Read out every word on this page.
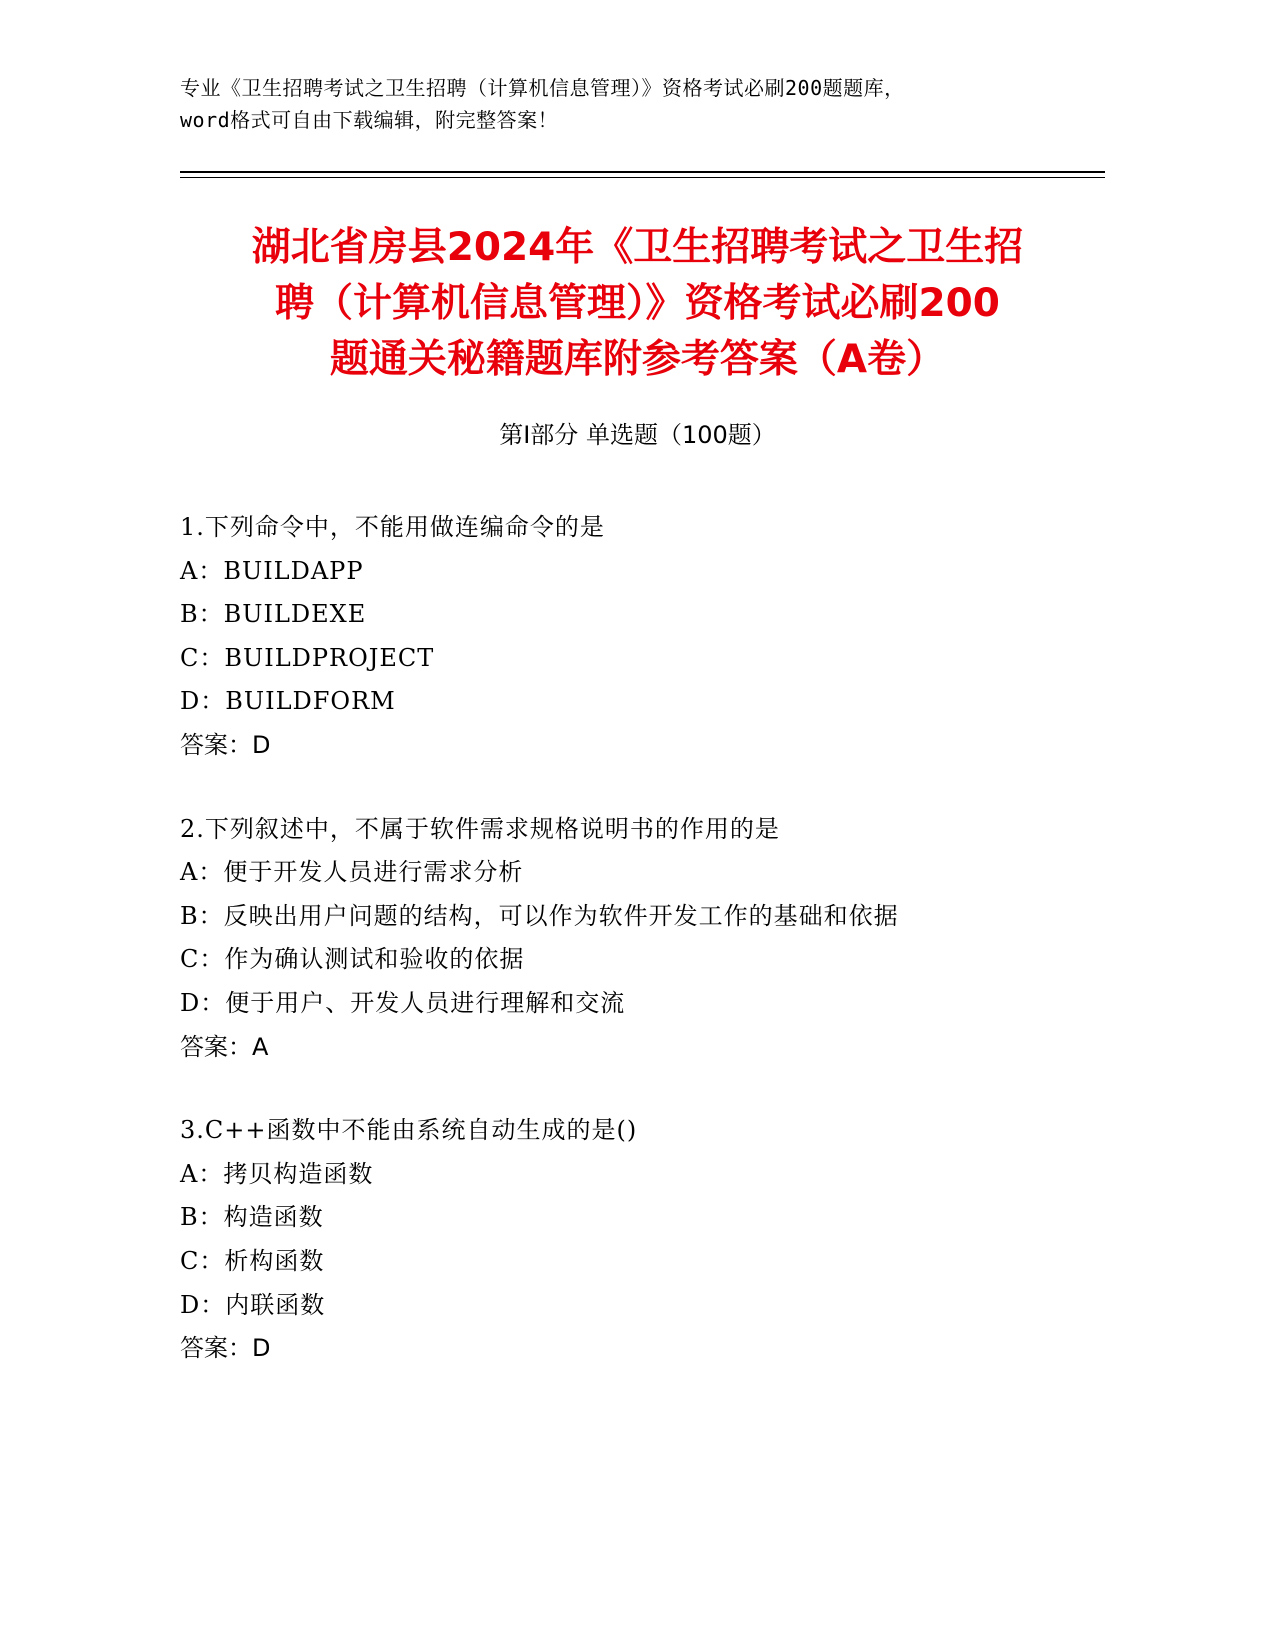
专业《卫生招聘考试之卫生招聘（计算机信息管理）》资格考试必刷200题题库，
word格式可自由下载编辑，附完整答案！
湖北省房县2024年《卫生招聘考试之卫生招
聘（计算机信息管理）》资格考试必刷200
题通关秘籍题库附参考答案（A卷）
第Ⅰ部分 单选题（100题）
1.下列命令中，不能用做连编命令的是
A：BUILDAPP
B：BUILDEXE
C：BUILDPROJECT
D：BUILDFORM
答案：D
2.下列叙述中，不属于软件需求规格说明书的作用的是
A：便于开发人员进行需求分析
B：反映出用户问题的结构，可以作为软件开发工作的基础和依据
C：作为确认测试和验收的依据
D：便于用户、开发人员进行理解和交流
答案：A
3.C++函数中不能由系统自动生成的是()
A：拷贝构造函数
B：构造函数
C：析构函数
D：内联函数
答案：D
